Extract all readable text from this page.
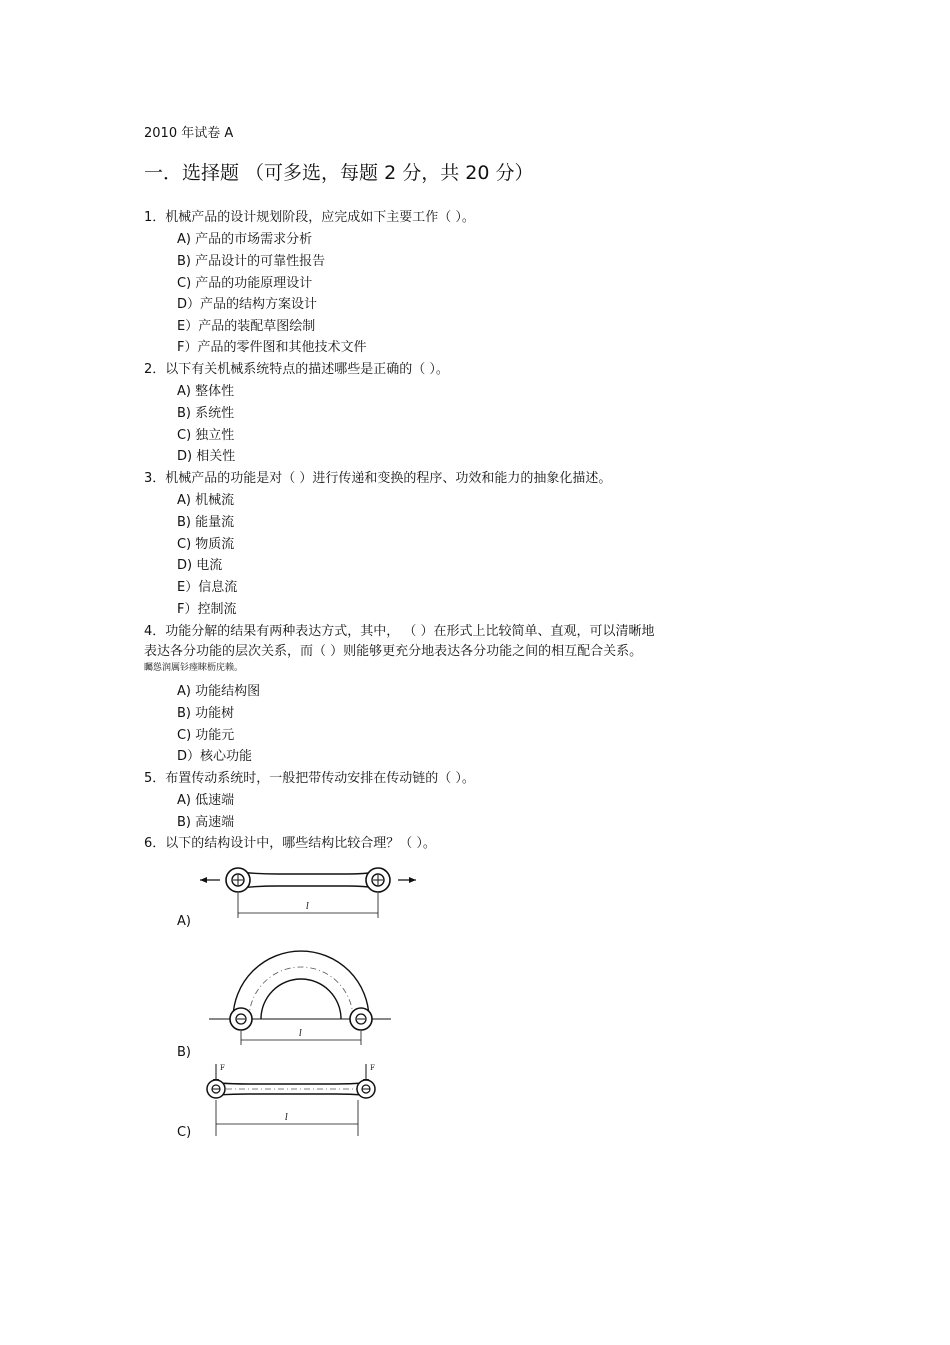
2010 年试卷 A
一．选择题 （可多选，每题 2 分，共 20 分）
1．机械产品的设计规划阶段，应完成如下主要工作（ ）。
A) 产品的市场需求分析
B) 产品设计的可靠性报告
C) 产品的功能原理设计
D）产品的结构方案设计
E）产品的装配草图绘制
F）产品的零件图和其他技术文件
2．以下有关机械系统特点的描述哪些是正确的（ ）。
A) 整体性
B) 系统性
C) 独立性
D) 相关性
3．机械产品的功能是对（ ）进行传递和变换的程序、功效和能力的抽象化描述。
A) 机械流
B) 能量流
C) 物质流
D) 电流
E）信息流
F）控制流
4．功能分解的结果有两种表达方式，其中， （ ）在形式上比较简单、直观，可以清晰地
表达各分功能的层次关系，而（ ）则能够更充分地表达各分功能之间的相互配合关系。
矚慫润厲钐瘗睞枥庑赖。
A) 功能结构图
B) 功能树
C) 功能元
D）核心功能
5．布置传动系统时，一般把带传动安排在传动链的（ ）。
A) 低速端
B) 高速端
6．以下的结构设计中，哪些结构比较合理？（ ）。
l
A)
l
B)
F	F
l
C)
